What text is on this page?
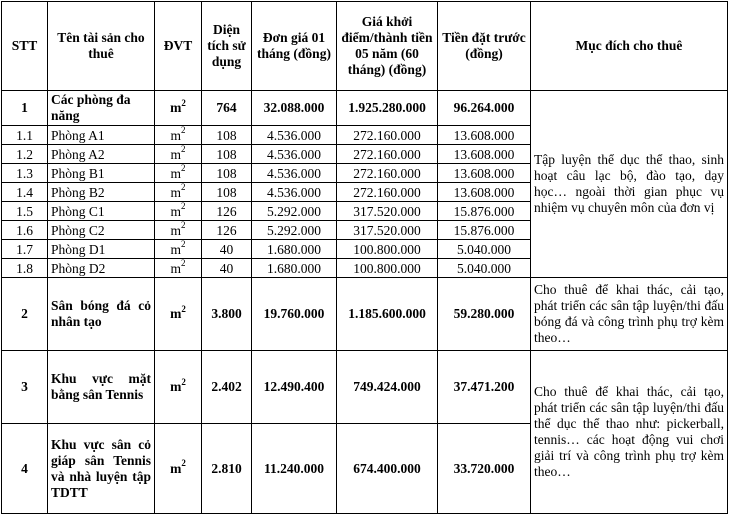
STT	Tên tài sản cho thuê	ĐVT	Diện tích sử dụng	Đơn giá 01 tháng (đồng)	Giá khởi điểm/thành tiền 05 năm (60 tháng) (đồng)	Tiền đặt trước (đồng)	Mục đích cho thuê
1	Các phòng đa năng	$m^2$	764	32.088.000	1.925.280.000	96.264.000	Tập luyện thể dục thể thao, sinh hoạt câu lạc bộ, đào tạo, dạy học… ngoài thời gian phục vụ nhiệm vụ chuyên môn của đơn vị
1.1	Phòng A1	$m^2$	108	4.536.000	272.160.000	13.608.000	
1.2	Phòng A2	$m^2$	108	4.536.000	272.160.000	13.608.000	
1.3	Phòng B1	$m^2$	108	4.536.000	272.160.000	13.608.000	
1.4	Phòng B2	$m^2$	108	4.536.000	272.160.000	13.608.000	
1.5	Phòng C1	$m^2$	126	5.292.000	317.520.000	15.876.000	
1.6	Phòng C2	$m^2$	126	5.292.000	317.520.000	15.876.000	
1.7	Phòng D1	$m^2$	40	1.680.000	100.800.000	5.040.000	
1.8	Phòng D2	$m^2$	40	1.680.000	100.800.000	5.040.000	
2	Sân bóng đá cỏ nhân tạo	$m^2$	3.800	19.760.000	1.185.600.000	59.280.000	Cho thuê để khai thác, cải tạo, phát triển các sân tập luyện/thi đấu bóng đá và công trình phụ trợ kèm theo…
3	Khu vực mặt bằng sân Tennis	$m^2$	2.402	12.490.400	749.424.000	37.471.200	Cho thuê để khai thác, cải tạo, phát triển các sân tập luyện/thi đấu thể dục thể thao như: pickerball, tennis… các hoạt động vui chơi giải trí và công trình phụ trợ kèm theo…
4	Khu vực sân cỏ giáp sân Tennis và nhà luyện tập TDTT	$m^2$	2.810	11.240.000	674.400.000	33.720.000	
